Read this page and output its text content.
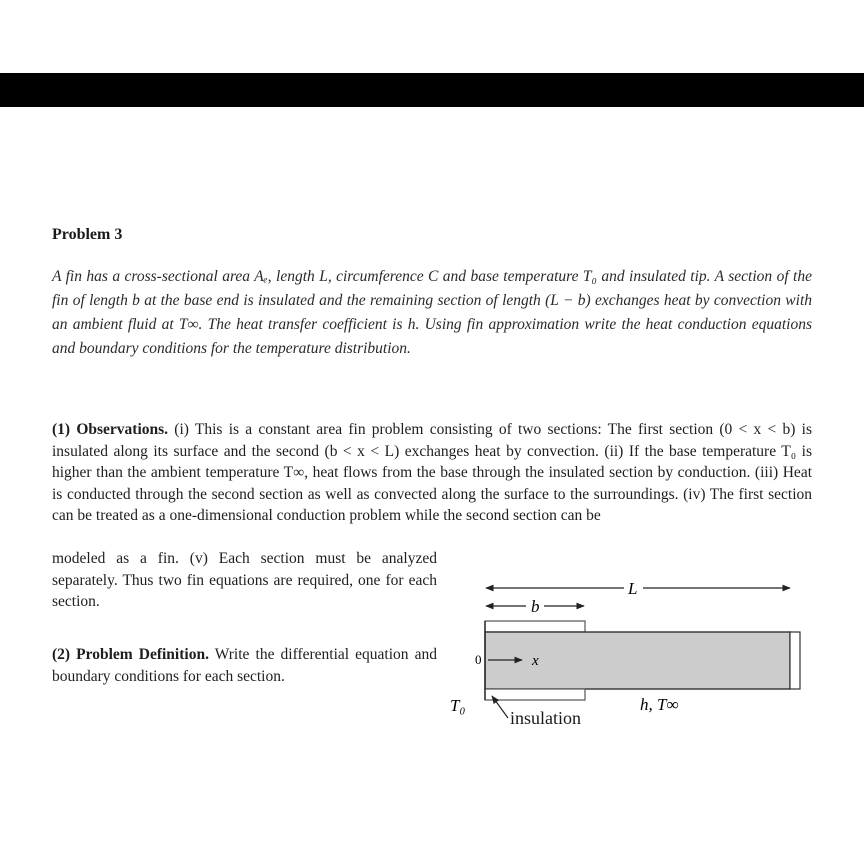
Problem 3
A fin has a cross-sectional area Aₑ, length L, circumference C and base temperature T₀ and insulated tip. A section of the fin of length b at the base end is insulated and the remaining section of length (L − b) exchanges heat by convection with an ambient fluid at T∞. The heat transfer coefficient is h. Using fin approximation write the heat conduction equations and boundary conditions for the temperature distribution.
(1) Observations. (i) This is a constant area fin problem consisting of two sections: The first section (0 < x < b) is insulated along its surface and the second (b < x < L) exchanges heat by convection. (ii) If the base temperature T₀ is higher than the ambient temperature T∞, heat flows from the base through the insulated section by conduction. (iii) Heat is conducted through the second section as well as convected along the surface to the surroundings. (iv) The first section can be treated as a one-dimensional conduction problem while the second section can be
modeled as a fin. (v) Each section must be analyzed separately. Thus two fin equations are required, one for each section.
(2) Problem Definition. Write the differential equation and boundary conditions for each section.
L
b
0	x
T₀	h, T∞
insulation
